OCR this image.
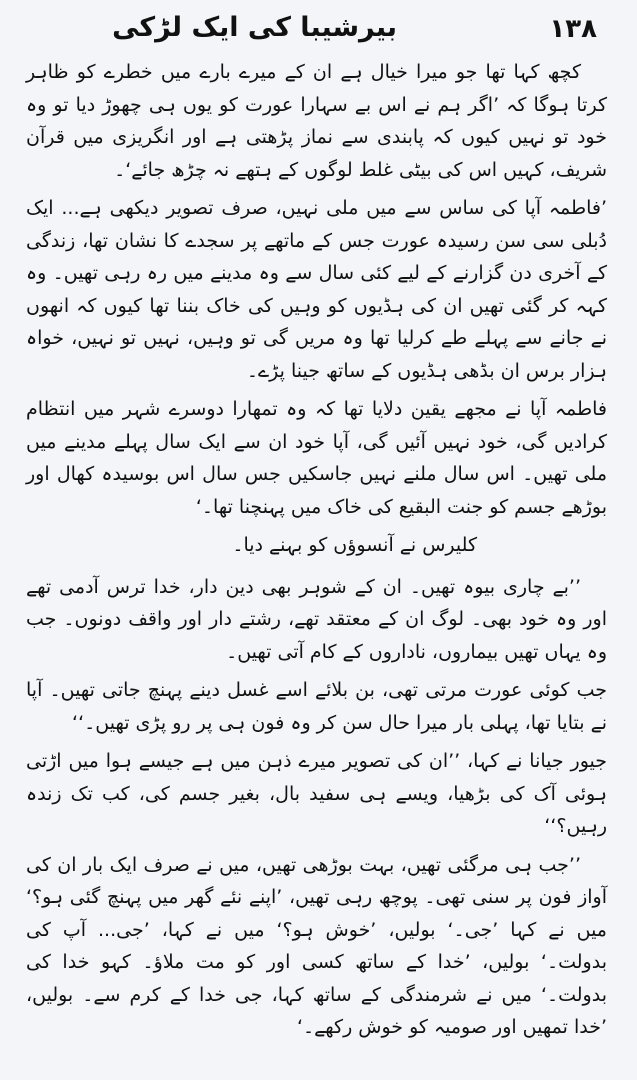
۱۳۸
بیرشیبا کی ایک لڑکی

کچھ کہا تھا جو میرا خیال ہے ان کے میرے بارے میں خطرے کو ظاہر کرتا ہوگا کہ ’اگر ہم نے اس بے سہارا عورت کو یوں ہی چھوڑ دیا تو وہ خود تو نہیں کیوں کہ پابندی سے نماز پڑھتی ہے اور انگریزی میں قرآن شریف، کہیں اس کی بیٹی غلط لوگوں کے ہتھے نہ چڑھ جائے‘۔

’فاطمہ آپا کی ساس سے میں ملی نہیں، صرف تصویر دیکھی ہے... ایک دُبلی سی سن رسیدہ عورت جس کے ماتھے پر سجدے کا نشان تھا، زندگی کے آخری دن گزارنے کے لیے کئی سال سے وہ مدینے میں رہ رہی تھیں۔ وہ کہہ کر گئی تھیں ان کی ہڈیوں کو وہیں کی خاک بننا تھا کیوں کہ انھوں نے جانے سے پہلے طے کرلیا تھا وہ مریں گی تو وہیں، نہیں تو نہیں، خواہ ہزار برس ان بڈھی ہڈیوں کے ساتھ جینا پڑے۔

فاطمہ آپا نے مجھے یقین دلایا تھا کہ وہ تمھارا دوسرے شہر میں انتظام کرادیں گی، خود نہیں آئیں گی، آپا خود ان سے ایک سال پہلے مدینے میں ملی تھیں۔ اس سال ملنے نہیں جاسکیں جس سال اس بوسیدہ کھال اور بوڑھے جسم کو جنت البقیع کی خاک میں پہنچنا تھا۔‘

کلیرس نے آنسوؤں کو بہنے دیا۔

’’بے چاری بیوہ تھیں۔ ان کے شوہر بھی دین دار، خدا ترس آدمی تھے اور وہ خود بھی۔ لوگ ان کے معتقد تھے، رشتے دار اور واقف دونوں۔ جب وہ یہاں تھیں بیماروں، ناداروں کے کام آتی تھیں۔

جب کوئی عورت مرتی تھی، بن بلائے اسے غسل دینے پہنچ جاتی تھیں۔ آپا نے بتایا تھا، پہلی بار میرا حال سن کر وہ فون ہی پر رو پڑی تھیں۔‘‘

جیور جیانا نے کہا، ’’ان کی تصویر میرے ذہن میں ہے جیسے ہوا میں اڑتی ہوئی آک کی بڑھیا، ویسے ہی سفید بال، بغیر جسم کی، کب تک زندہ رہیں؟‘‘

’’جب ہی مرگئی تھیں، بہت بوڑھی تھیں، میں نے صرف ایک بار ان کی آواز فون پر سنی تھی۔ پوچھ رہی تھیں، ’اپنے نئے گھر میں پہنچ گئی ہو؟‘ میں نے کہا ’جی۔‘ بولیں، ’خوش ہو؟‘ میں نے کہا، ’جی... آپ کی بدولت۔‘ بولیں، ’خدا کے ساتھ کسی اور کو مت ملاؤ۔ کہو خدا کی بدولت۔‘ میں نے شرمندگی کے ساتھ کہا، جی خدا کے کرم سے۔ بولیں، ’خدا تمھیں اور صومیہ کو خوش رکھے۔‘
